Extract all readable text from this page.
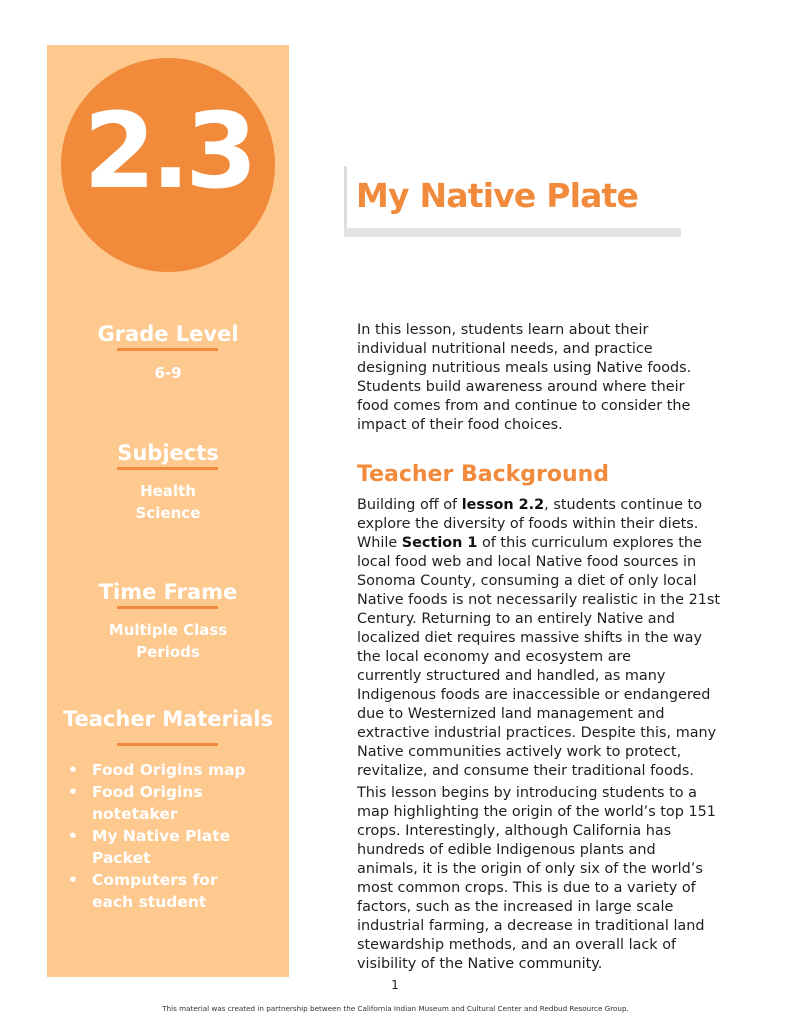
2.3
Grade Level

6-9

Subjects

Health

Science

Time Frame

Multiple Class

Periods

Teacher Materials
• Food Origins map
• Food Origins
notetaker
• My Native Plate
Packet
• Computers for
each student
My Native Plate

In this lesson, students learn about their
individual nutritional needs, and practice
designing nutritious meals using Native foods.
Students build awareness around where their
food comes from and continue to consider the
impact of their food choices.

Teacher Background

Building off of lesson 2.2, students continue to
explore the diversity of foods within their diets.
While Section 1 of this curriculum explores the
local food web and local Native food sources in
Sonoma County, consuming a diet of only local
Native foods is not necessarily realistic in the 21st
Century. Returning to an entirely Native and
localized diet requires massive shifts in the way
the local economy and ecosystem are
currently structured and handled, as many
Indigenous foods are inaccessible or endangered
due to Westernized land management and
extractive industrial practices. Despite this, many
Native communities actively work to protect,
revitalize, and consume their traditional foods.

This lesson begins by introducing students to a
map highlighting the origin of the world’s top 151
crops. Interestingly, although California has
hundreds of edible Indigenous plants and
animals, it is the origin of only six of the world’s
most common crops. This is due to a variety of
factors, such as the increased in large scale
industrial farming, a decrease in traditional land
stewardship methods, and an overall lack of
visibility of the Native community.

1
This material was created in partnership between the California Indian Museum and Cultural Center and Redbud Resource Group.
